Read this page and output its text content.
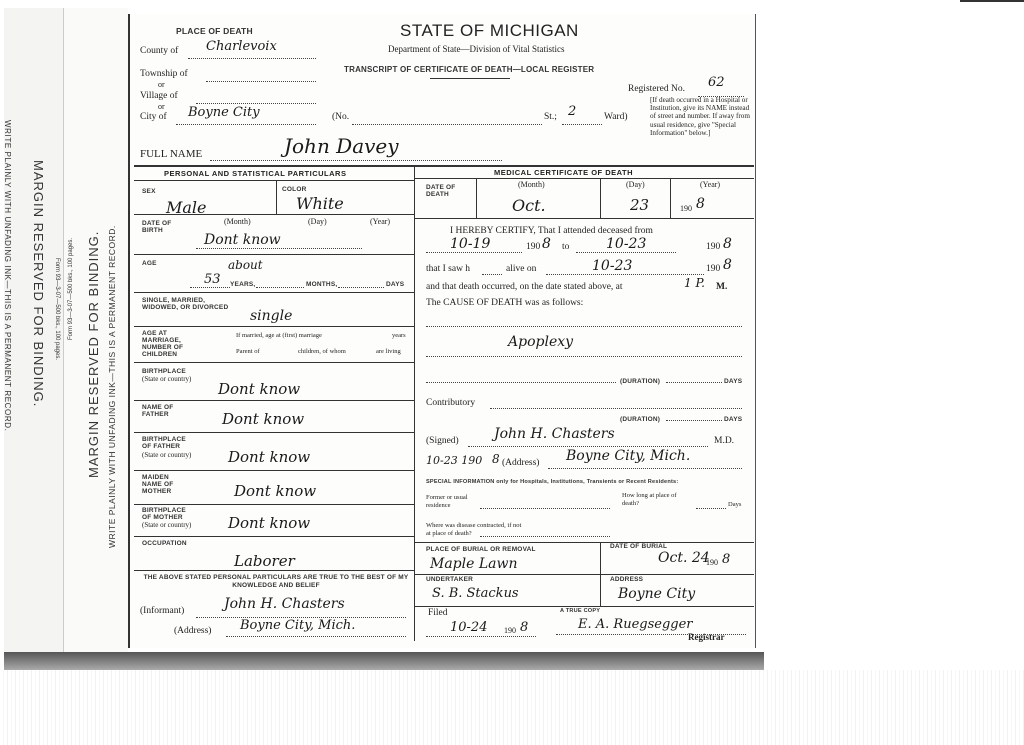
MARGIN RESERVED FOR BINDING.
WRITE PLAINLY WITH UNFADING INK—THIS IS A PERMANENT RECORD.	Form 93—3-07—500 bks., 100 pages. MARGIN RESERVED FOR BINDING. WRITE PLAINLY WITH UNFADING INK—THIS IS A PERMANENT RECORD.
Form 93—3-07—500 bks., 100 pages.
PLACE OF DEATH	STATE OF MICHIGAN
Department of State—Division of Vital Statistics
TRANSCRIPT OF CERTIFICATE OF DEATH—LOCAL REGISTER
County of Charlevoix
Township of
or
Village of
or
City of Boyne City	(No.	St.; 2	Ward)
Registered No. 62
[If death occurred in a Hospital or Institution, give its NAME instead of street and number. If away from usual residence, give "Special Information" below.]
FULL NAME	John Davey
PERSONAL AND STATISTICAL PARTICULARS
SEX
Male
COLOR
White
DATE OF BIRTH
(Month)	(Day)	(Year)
Dont know
AGE	about
53 YEARS,	MONTHS,	DAYS
SINGLE, MARRIED, WIDOWED, OR DIVORCED
single
AGE AT MARRIAGE, NUMBER OF CHILDREN
If married, age at (first) marriage	years
Parent of	children, of whom	are living
BIRTHPLACE
(State or country)
Dont know
NAME OF FATHER	Dont know
BIRTHPLACE OF FATHER
(State or country) Dont know
MAIDEN NAME OF MOTHER	Dont know
BIRTHPLACE OF MOTHER
(State or country) Dont know
OCCUPATION
Laborer
THE ABOVE STATED PERSONAL PARTICULARS ARE TRUE TO THE BEST OF MY KNOWLEDGE AND BELIEF
(Informant)	John H. Chasters
(Address) Boyne City, Mich.
MEDICAL CERTIFICATE OF DEATH
DATE OF DEATH
(Month)	(Day)	(Year)
Oct.	23	190 8
I HEREBY CERTIFY, That I attended deceased from
10-19	190 8 to	10-23	190 8
that I saw h	alive on	10-23	190 8
and that death occurred, on the date stated above, at	1 P. M.
The CAUSE OF DEATH was as follows:
Apoplexy
(DURATION)	DAYS
Contributory
(DURATION)	DAYS
(Signed)	John H. Chasters	M.D.
10-23 190 8 (Address) Boyne City, Mich.
SPECIAL INFORMATION only for Hospitals, Institutions, Transients or Recent Residents:
Former or usual residence
How long at place of death?	Days
Where was disease contracted, if not at place of death?
PLACE OF BURIAL OR REMOVAL
Maple Lawn
DATE OF BURIAL
Oct. 24
190 8
UNDERTAKER
S. B. Stackus
ADDRESS
Boyne City
Filed
10-24 190 8
A TRUE COPY
E. A. Ruegsegger
Registrar
